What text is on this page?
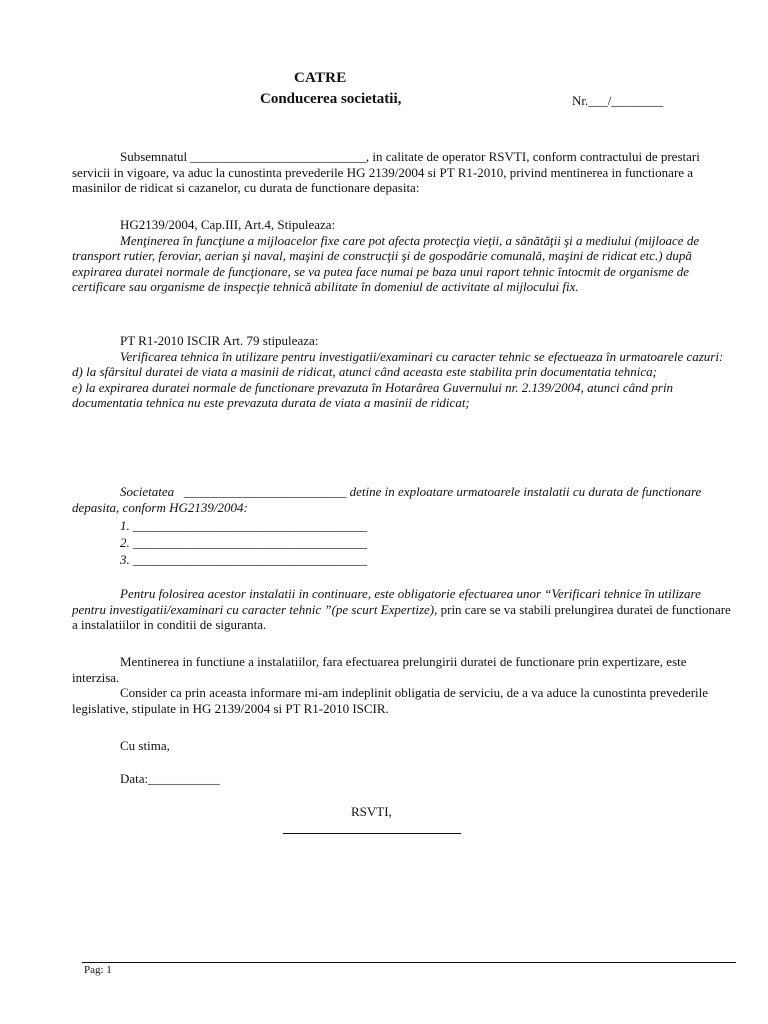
CATRE
Conducerea societatii,	Nr.___/________

Subsemnatul ___________________________, in calitate de operator RSVTI, conform contractului de prestari servicii in vigoare, va aduc la cunostinta prevederile HG 2139/2004 si PT R1-2010, privind mentinerea in functionare a masinilor de ridicat si cazanelor, cu durata de functionare depasita:

HG2139/2004, Cap.III, Art.4, Stipuleaza:

Menţinerea în funcţiune a mijloacelor fixe care pot afecta protecţia vieţii, a sănătăţii şi a mediului (mijloace de transport rutier, feroviar, aerian şi naval, maşini de construcţii şi de gospodărie comunală, maşini de ridicat etc.) după expirarea duratei normale de funcţionare, se va putea face numai pe baza unui raport tehnic întocmit de organisme de certificare sau organisme de inspecţie tehnică abilitate în domeniul de activitate al mijlocului fix.

PT R1-2010 ISCIR Art. 79 stipuleaza:

Verificarea tehnica în utilizare pentru investigatii/examinari cu caracter tehnic se efectueaza în urmatoarele cazuri:

d) la sfârsitul duratei de viata a masinii de ridicat, atunci când aceasta este stabilita prin documentatia tehnica;

e) la expirarea duratei normale de functionare prevazuta în Hotarârea Guvernului nr. 2.139/2004, atunci când prin documentatia tehnica nu este prevazuta durata de viata a masinii de ridicat;

Societatea _________________________ detine in exploatare urmatoarele instalatii cu durata de functionare depasita, conform HG2139/2004:

1. ____________________________________
2. ____________________________________
3. ____________________________________

Pentru folosirea acestor instalatii in continuare, este obligatorie efectuarea unor “Verificari tehnice în utilizare pentru investigatii/examinari cu caracter tehnic ”(pe scurt Expertize), prin care se va stabili prelungirea duratei de functionare a instalatiilor in conditii de siguranta.

Mentinerea in functiune a instalatiilor, fara efectuarea prelungirii duratei de functionare prin expertizare, este interzisa.

Consider ca prin aceasta informare mi-am indeplinit obligatia de serviciu, de a va aduce la cunostinta prevederile legislative, stipulate in HG 2139/2004 si PT R1-2010 ISCIR.

Cu stima,

Data:___________

RSVTI,

Pag: 1
